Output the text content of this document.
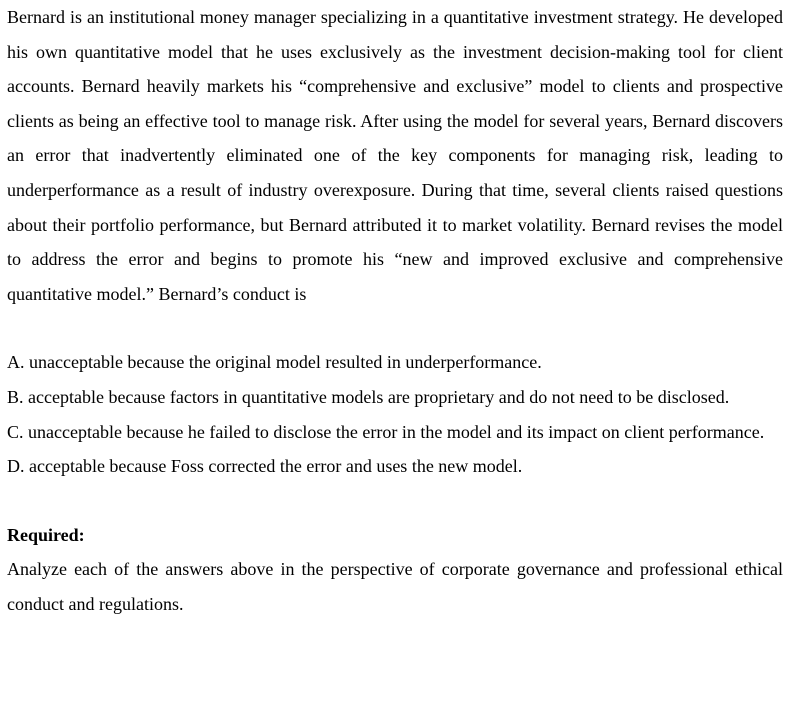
Bernard is an institutional money manager specializing in a quantitative investment strategy. He developed his own quantitative model that he uses exclusively as the investment decision-making tool for client accounts. Bernard heavily markets his “comprehensive and exclusive” model to clients and prospective clients as being an effective tool to manage risk. After using the model for several years, Bernard discovers an error that inadvertently eliminated one of the key components for managing risk, leading to underperformance as a result of industry overexposure. During that time, several clients raised questions about their portfolio performance, but Bernard attributed it to market volatility. Bernard revises the model to address the error and begins to promote his “new and improved exclusive and comprehensive quantitative model.” Bernard’s conduct is

A. unacceptable because the original model resulted in underperformance.

B. acceptable because factors in quantitative models are proprietary and do not need to be disclosed.

C. unacceptable because he failed to disclose the error in the model and its impact on client performance.

D. acceptable because Foss corrected the error and uses the new model.

Required:

Analyze each of the answers above in the perspective of corporate governance and professional ethical conduct and regulations.
